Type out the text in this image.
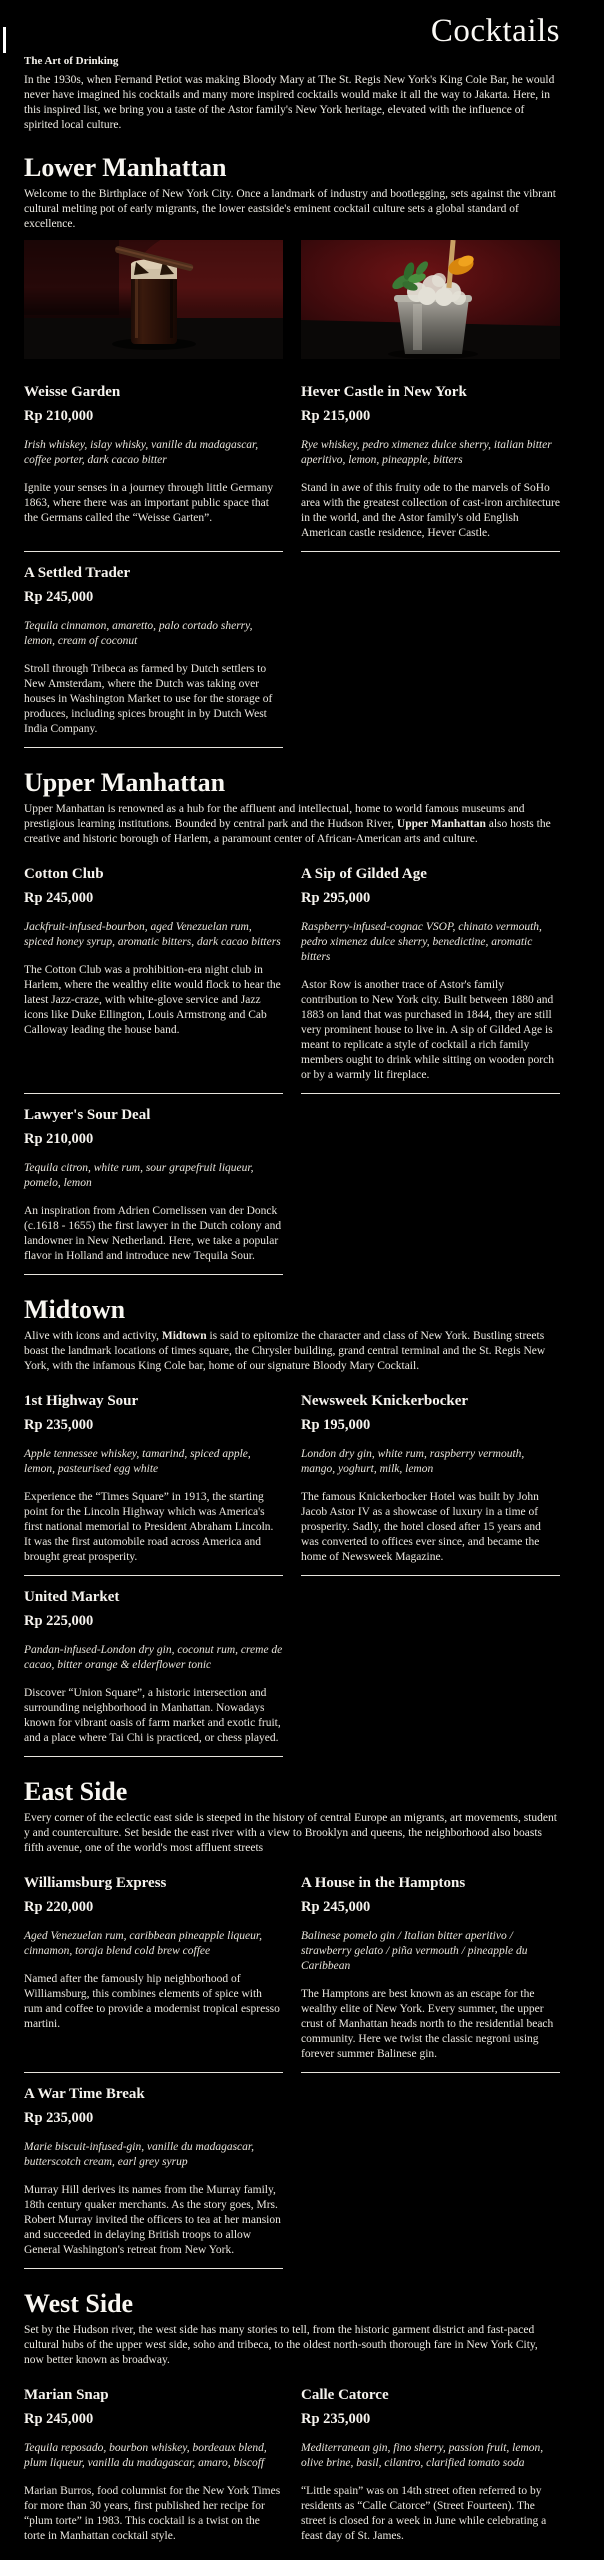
Cocktails

The Art of Drinking

In the 1930s, when Fernand Petiot was making Bloody Mary at The St. Regis New York's King Cole Bar, he would never have imagined his cocktails and many more inspired cocktails would make it all the way to Jakarta. Here, in this inspired list, we bring you a taste of the Astor family's New York heritage, elevated with the influence of spirited local culture.

Lower Manhattan

Welcome to the Birthplace of New York City. Once a landmark of industry and bootlegging, sets against the vibrant cultural melting pot of early migrants, the lower eastside's eminent cocktail culture sets a global standard of excellence.

Weisse Garden
Rp 210,000

Irish whiskey, islay whisky, vanille du madagascar, coffee porter, dark cacao bitter

Ignite your senses in a journey through little Germany 1863, where there was an important public space that the Germans called the “Weisse Garten”.

Hever Castle in New York
Rp 215,000

Rye whiskey, pedro ximenez dulce sherry, italian bitter aperitivo, lemon, pineapple, bitters

Stand in awe of this fruity ode to the marvels of SoHo area with the greatest collection of cast-iron architecture in the world, and the Astor family's old English American castle residence, Hever Castle.

A Settled Trader
Rp 245,000

Tequila cinnamon, amaretto, palo cortado sherry, lemon, cream of coconut

Stroll through Tribeca as farmed by Dutch settlers to New Amsterdam, where the Dutch was taking over houses in Washington Market to use for the storage of produces, including spices brought in by Dutch West India Company.

Upper Manhattan

Upper Manhattan is renowned as a hub for the affluent and intellectual, home to world famous museums and prestigious learning institutions. Bounded by central park and the Hudson River, Upper Manhattan also hosts the creative and historic borough of Harlem, a paramount center of African-American arts and culture.

Cotton Club
Rp 245,000

Jackfruit-infused-bourbon, aged Venezuelan rum, spiced honey syrup, aromatic bitters, dark cacao bitters

The Cotton Club was a prohibition-era night club in Harlem, where the wealthy elite would flock to hear the latest Jazz-craze, with white-glove service and Jazz icons like Duke Ellington, Louis Armstrong and Cab Calloway leading the house band.

A Sip of Gilded Age
Rp 295,000

Raspberry-infused-cognac VSOP, chinato vermouth, pedro ximenez dulce sherry, benedictine, aromatic bitters

Astor Row is another trace of Astor's family contribution to New York city. Built between 1880 and 1883 on land that was purchased in 1844, they are still very prominent house to live in. A sip of Gilded Age is meant to replicate a style of cocktail a rich family members ought to drink while sitting on wooden porch or by a warmly lit fireplace.

Lawyer's Sour Deal
Rp 210,000

Tequila citron, white rum, sour grapefruit liqueur, pomelo, lemon

An inspiration from Adrien Cornelissen van der Donck (c.1618 - 1655) the first lawyer in the Dutch colony and landowner in New Netherland. Here, we take a popular flavor in Holland and introduce new Tequila Sour.

Midtown

Alive with icons and activity, Midtown is said to epitomize the character and class of New York. Bustling streets boast the landmark locations of times square, the Chrysler building, grand central terminal and the St. Regis New York, with the infamous King Cole bar, home of our signature Bloody Mary Cocktail.

1st Highway Sour
Rp 235,000

Apple tennessee whiskey, tamarind, spiced apple, lemon, pasteurised egg white

Experience the “Times Square” in 1913, the starting point for the Lincoln Highway which was America's first national memorial to President Abraham Lincoln. It was the first automobile road across America and brought great prosperity.

Newsweek Knickerbocker
Rp 195,000

London dry gin, white rum, raspberry vermouth, mango, yoghurt, milk, lemon

The famous Knickerbocker Hotel was built by John Jacob Astor IV as a showcase of luxury in a time of prosperity. Sadly, the hotel closed after 15 years and was converted to offices ever since, and became the home of Newsweek Magazine.

United Market
Rp 225,000

Pandan-infused-London dry gin, coconut rum, creme de cacao, bitter orange & elderflower tonic

Discover “Union Square”, a historic intersection and surrounding neighborhood in Manhattan. Nowadays known for vibrant oasis of farm market and exotic fruit, and a place where Tai Chi is practiced, or chess played.

East Side

Every corner of the eclectic east side is steeped in the history of central Europe an migrants, art movements, student y and counterculture. Set beside the east river with a view to Brooklyn and queens, the neighborhood also boasts fifth avenue, one of the world's most affluent streets

Williamsburg Express
Rp 220,000

Aged Venezuelan rum, caribbean pineapple liqueur, cinnamon, toraja blend cold brew coffee

Named after the famously hip neighborhood of Williamsburg, this combines elements of spice with rum and coffee to provide a modernist tropical espresso martini.

A House in the Hamptons
Rp 245,000

Balinese pomelo gin / Italian bitter aperitivo / strawberry gelato / piña vermouth / pineapple du Caribbean

The Hamptons are best known as an escape for the wealthy elite of New York. Every summer, the upper crust of Manhattan heads north to the residential beach community. Here we twist the classic negroni using forever summer Balinese gin.

A War Time Break
Rp 235,000

Marie biscuit-infused-gin, vanille du madagascar, butterscotch cream, earl grey syrup

Murray Hill derives its names from the Murray family, 18th century quaker merchants. As the story goes, Mrs. Robert Murray invited the officers to tea at her mansion and succeeded in delaying British troops to allow General Washington's retreat from New York.

West Side

Set by the Hudson river, the west side has many stories to tell, from the historic garment district and fast-paced cultural hubs of the upper west side, soho and tribeca, to the oldest north-south thorough fare in New York City, now better known as broadway.

Marian Snap
Rp 245,000

Tequila reposado, bourbon whiskey, bordeaux blend, plum liqueur, vanilla du madagascar, amaro, biscoff

Marian Burros, food columnist for the New York Times for more than 30 years, first published her recipe for “plum torte” in 1983. This cocktail is a twist on the torte in Manhattan cocktail style.

Calle Catorce
Rp 235,000

Mediterranean gin, fino sherry, passion fruit, lemon, olive brine, basil, cilantro, clarified tomato soda

“Little spain” was on 14th street often referred to by residents as “Calle Catorce” (Street Fourteen). The street is closed for a week in June while celebrating a feast day of St. James.
